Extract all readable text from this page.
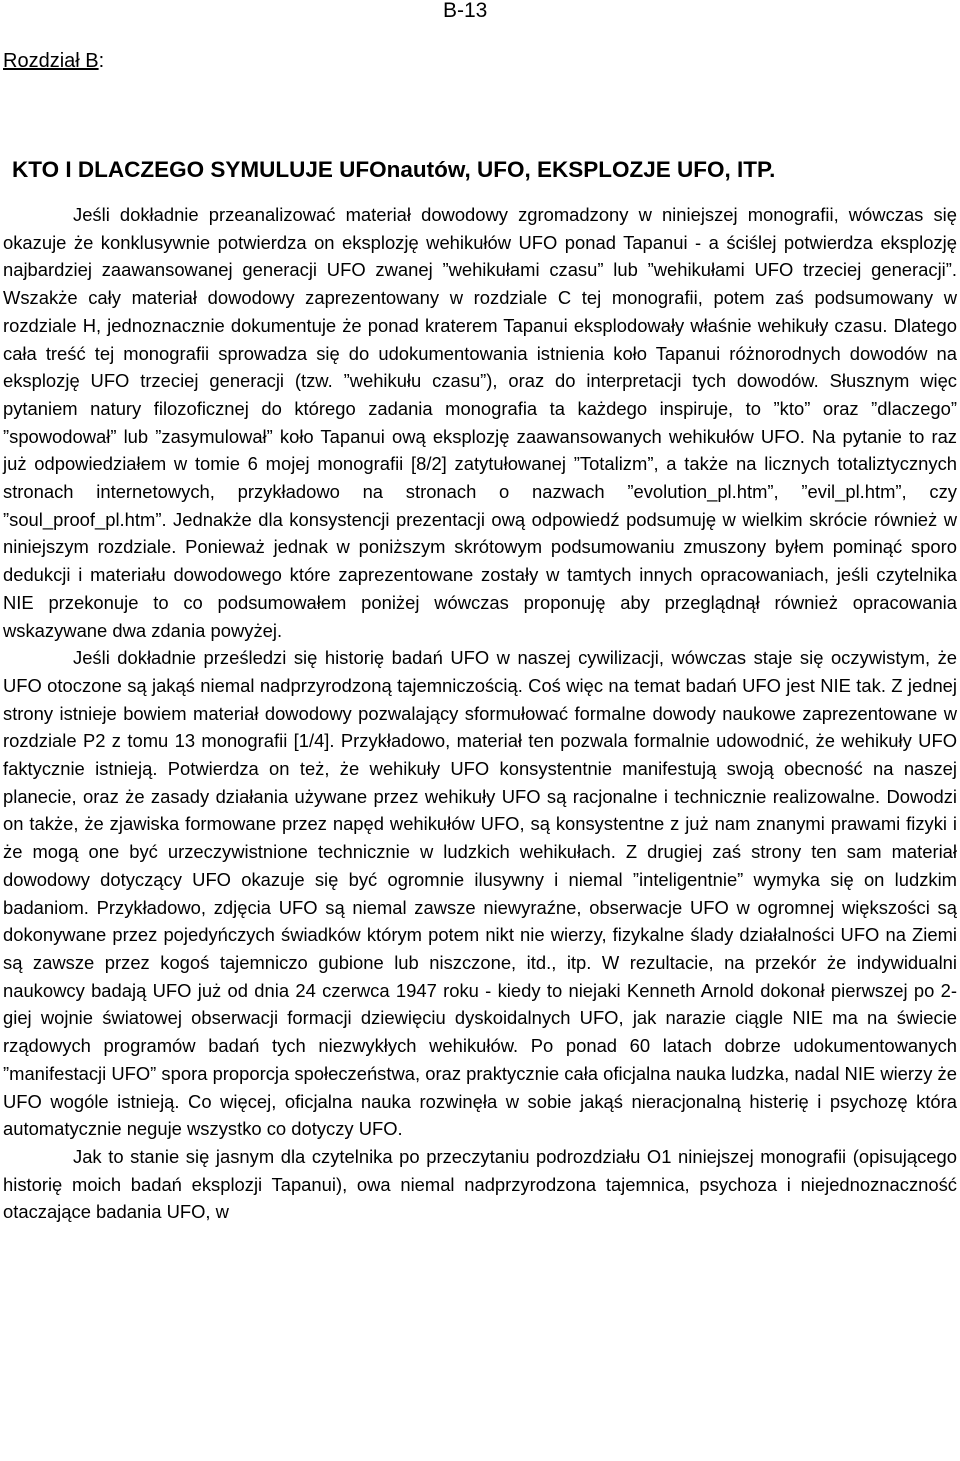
B-13
Rozdział B:
KTO I DLACZEGO SYMULUJE UFOnautów, UFO, EKSPLOZJE UFO, ITP.

Jeśli dokładnie przeanalizować materiał dowodowy zgromadzony w niniejszej monografii, wówczas się okazuje że konklusywnie potwierdza on eksplozję wehikułów UFO ponad Tapanui - a ściślej potwierdza eksplozję najbardziej zaawansowanej generacji UFO zwanej ”wehikułami czasu” lub ”wehikułami UFO trzeciej generacji”. Wszakże cały materiał dowodowy zaprezentowany w rozdziale C tej monografii, potem zaś podsumowany w rozdziale H, jednoznacznie dokumentuje że ponad kraterem Tapanui eksplodowały właśnie wehikuły czasu. Dlatego cała treść tej monografii sprowadza się do udokumentowania istnienia koło Tapanui różnorodnych dowodów na eksplozję UFO trzeciej generacji (tzw. ”wehikułu czasu”), oraz do interpretacji tych dowodów. Słusznym więc pytaniem natury filozoficznej do którego zadania monografia ta każdego inspiruje, to ”kto” oraz ”dlaczego” ”spowodował” lub ”zasymulował” koło Tapanui ową eksplozję zaawansowanych wehikułów UFO. Na pytanie to raz już odpowiedziałem w tomie 6 mojej monografii [8/2] zatytułowanej ”Totalizm”, a także na licznych totaliztycznych stronach internetowych, przykładowo na stronach o nazwach ”evolution_pl.htm”, ”evil_pl.htm”, czy ”soul_proof_pl.htm”. Jednakże dla konsystencji prezentacji ową odpowiedź podsumuję w wielkim skrócie również w niniejszym rozdziale. Ponieważ jednak w poniższym skrótowym podsumowaniu zmuszony byłem pominąć sporo dedukcji i materiału dowodowego które zaprezentowane zostały w tamtych innych opracowaniach, jeśli czytelnika NIE przekonuje to co podsumowałem poniżej wówczas proponuję aby przeglądnął również opracowania wskazywane dwa zdania powyżej.

Jeśli dokładnie prześledzi się historię badań UFO w naszej cywilizacji, wówczas staje się oczywistym, że UFO otoczone są jakąś niemal nadprzyrodzoną tajemniczością. Coś więc na temat badań UFO jest NIE tak. Z jednej strony istnieje bowiem materiał dowodowy pozwalający sformułować formalne dowody naukowe zaprezentowane w rozdziale P2 z tomu 13 monografii [1/4]. Przykładowo, materiał ten pozwala formalnie udowodnić, że wehikuły UFO faktycznie istnieją. Potwierdza on też, że wehikuły UFO konsystentnie manifestują swoją obecność na naszej planecie, oraz że zasady działania używane przez wehikuły UFO są racjonalne i technicznie realizowalne. Dowodzi on także, że zjawiska formowane przez napęd wehikułów UFO, są konsystentne z już nam znanymi prawami fizyki i że mogą one być urzeczywistnione technicznie w ludzkich wehikułach. Z drugiej zaś strony ten sam materiał dowodowy dotyczący UFO okazuje się być ogromnie ilusywny i niemal ”inteligentnie” wymyka się on ludzkim badaniom. Przykładowo, zdjęcia UFO są niemal zawsze niewyraźne, obserwacje UFO w ogromnej większości są dokonywane przez pojedyńczych świadków którym potem nikt nie wierzy, fizykalne ślady działalności UFO na Ziemi są zawsze przez kogoś tajemniczo gubione lub niszczone, itd., itp. W rezultacie, na przekór że indywidualni naukowcy badają UFO już od dnia 24 czerwca 1947 roku - kiedy to niejaki Kenneth Arnold dokonał pierwszej po 2-giej wojnie światowej obserwacji formacji dziewięciu dyskoidalnych UFO, jak narazie ciągle NIE ma na świecie rządowych programów badań tych niezwykłych wehikułów. Po ponad 60 latach dobrze udokumentowanych ”manifestacji UFO” spora proporcja społeczeństwa, oraz praktycznie cała oficjalna nauka ludzka, nadal NIE wierzy że UFO wogóle istnieją. Co więcej, oficjalna nauka rozwinęła w sobie jakąś nieracjonalną histerię i psychozę która automatycznie neguje wszystko co dotyczy UFO.

Jak to stanie się jasnym dla czytelnika po przeczytaniu podrozdziału O1 niniejszej monografii (opisującego historię moich badań eksplozji Tapanui), owa niemal nadprzyrodzona tajemnica, psychoza i niejednoznaczność otaczające badania UFO, w
